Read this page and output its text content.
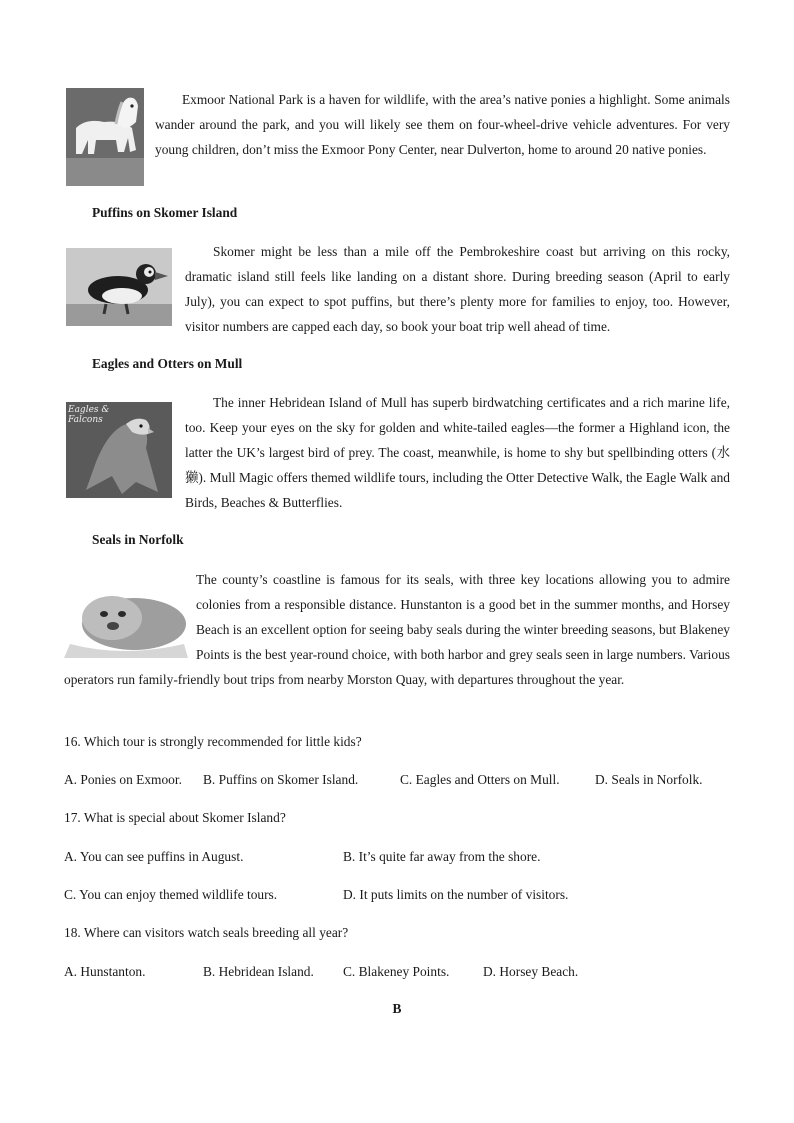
Exmoor National Park is a haven for wildlife, with the area’s native ponies a highlight. Some animals wander around the park, and you will likely see them on four-wheel-drive vehicle adventures. For very young children, don’t miss the Exmoor Pony Center, near Dulverton, home to around 20 native ponies.
Puffins on Skomer Island
Skomer might be less than a mile off the Pembrokeshire coast but arriving on this rocky, dramatic island still feels like landing on a distant shore. During breeding season (April to early July), you can expect to spot puffins, but there’s plenty more for families to enjoy, too. However, visitor numbers are capped each day, so book your boat trip well ahead of time.
Eagles and Otters on Mull
Eagles & Falcons
The inner Hebridean Island of Mull has superb birdwatching certificates and a rich marine life, too. Keep your eyes on the sky for golden and white-tailed eagles—the former a Highland icon, the latter the UK’s largest bird of prey. The coast, meanwhile, is home to shy but spellbinding otters (水獭). Mull Magic offers themed wildlife tours, including the Otter Detective Walk, the Eagle Walk and Birds, Beaches & Butterflies.
Seals in Norfolk
The county’s coastline is famous for its seals, with three key locations allowing you to admire colonies from a responsible distance. Hunstanton is a good bet in the summer months, and Horsey Beach is an excellent option for seeing baby seals during the winter breeding seasons, but Blakeney Points is the best year-round choice, with both harbor and grey seals seen in large numbers. Various operators run family-friendly bout trips from nearby Morston Quay, with departures throughout the year.
16. Which tour is strongly recommended for little kids?
A. Ponies on Exmoor. B. Puffins on Skomer Island.	C. Eagles and Otters on Mull.	D. Seals in Norfolk.
17. What is special about Skomer Island?
A. You can see puffins in August.	B. It’s quite far away from the shore.
C. You can enjoy themed wildlife tours.	D. It puts limits on the number of visitors.
18. Where can visitors watch seals breeding all year?
A. Hunstanton.	B. Hebridean Island. C. Blakeney Points.	D. Horsey Beach.
B
